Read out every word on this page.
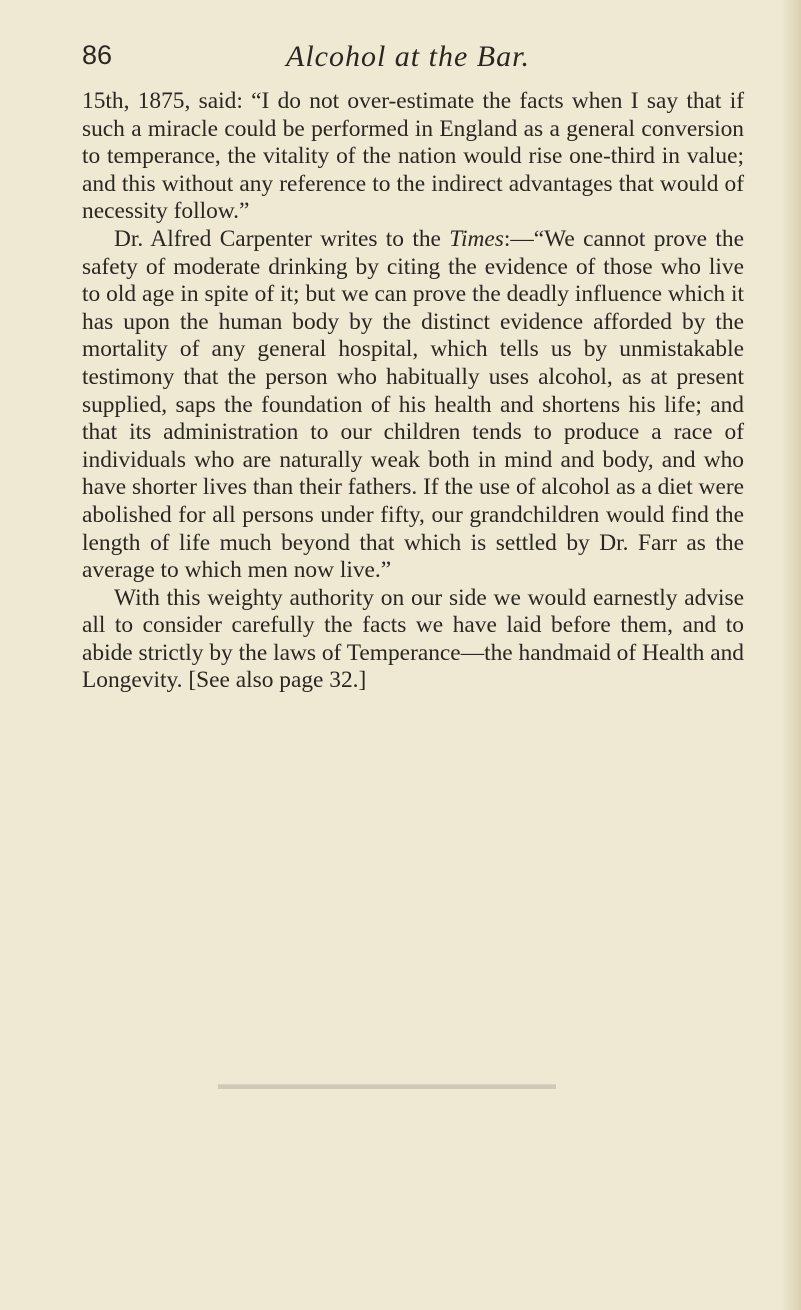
86	Alcohol at the Bar.

15th, 1875, said: “I do not over-estimate the facts when I say that if such a miracle could be performed in England as a general conversion to temperance, the vitality of the nation would rise one-third in value; and this without any reference to the indirect advantages that would of necessity follow.”

Dr. Alfred Carpenter writes to the Times:—“We cannot prove the safety of moderate drinking by citing the evidence of those who live to old age in spite of it; but we can prove the deadly influence which it has upon the human body by the distinct evidence afforded by the mortality of any general hospital, which tells us by unmistakable testimony that the person who habitually uses alcohol, as at present supplied, saps the foundation of his health and shortens his life; and that its administration to our children tends to produce a race of individuals who are naturally weak both in mind and body, and who have shorter lives than their fathers. If the use of alcohol as a diet were abolished for all persons under fifty, our grandchildren would find the length of life much beyond that which is settled by Dr. Farr as the average to which men now live.”

With this weighty authority on our side we would earnestly advise all to consider carefully the facts we have laid before them, and to abide strictly by the laws of Temperance—the handmaid of Health and Longevity. [See also page 32.]
